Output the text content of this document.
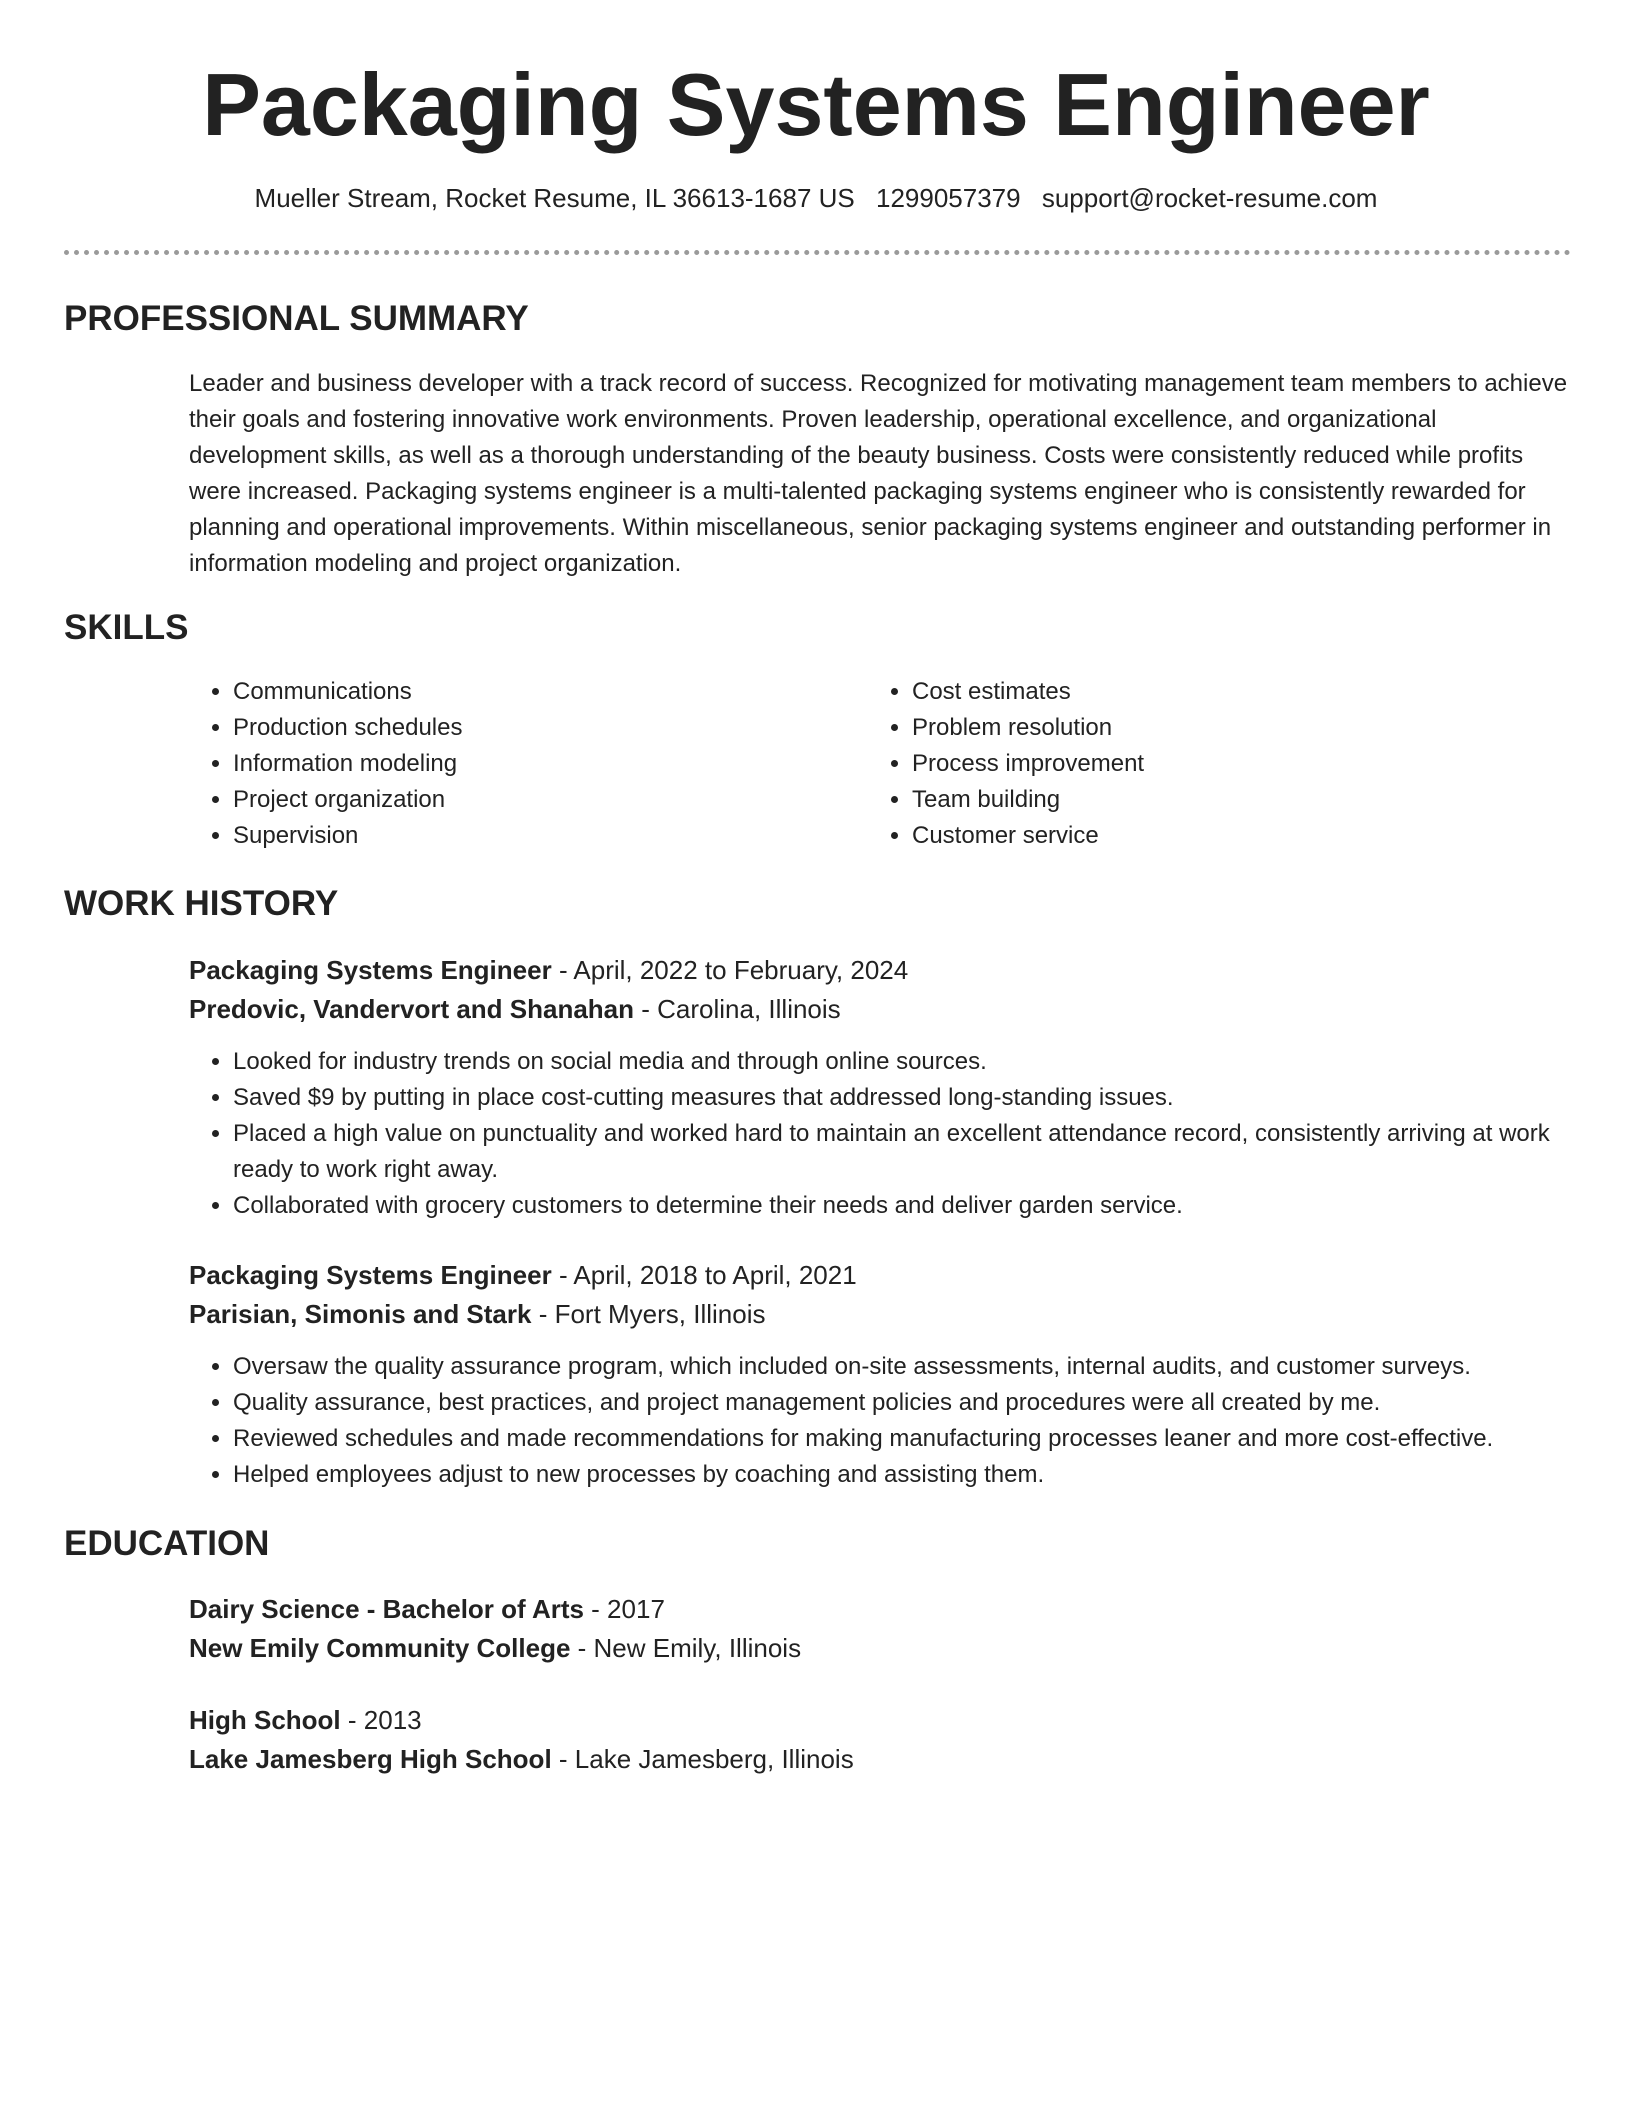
Packaging Systems Engineer
Mueller Stream, Rocket Resume, IL 36613-1687 US 1299057379 support@rocket-resume.com
PROFESSIONAL SUMMARY

Leader and business developer with a track record of success. Recognized for motivating management team members to achieve their goals and fostering innovative work environments. Proven leadership, operational excellence, and organizational development skills, as well as a thorough understanding of the beauty business. Costs were consistently reduced while profits were increased. Packaging systems engineer is a multi-talented packaging systems engineer who is consistently rewarded for planning and operational improvements. Within miscellaneous, senior packaging systems engineer and outstanding performer in information modeling and project organization.

SKILLS
• Communications
• Production schedules
• Information modeling
• Project organization
• Supervision
• Cost estimates
• Problem resolution
• Process improvement
• Team building
• Customer service
WORK HISTORY
Packaging Systems Engineer - April, 2022 to February, 2024
Predovic, Vandervort and Shanahan - Carolina, Illinois
• Looked for industry trends on social media and through online sources.
• Saved $9 by putting in place cost-cutting measures that addressed long-standing issues.
• Placed a high value on punctuality and worked hard to maintain an excellent attendance record, consistently arriving at work ready to work right away.
• Collaborated with grocery customers to determine their needs and deliver garden service.
Packaging Systems Engineer - April, 2018 to April, 2021
Parisian, Simonis and Stark - Fort Myers, Illinois
• Oversaw the quality assurance program, which included on-site assessments, internal audits, and customer surveys.
• Quality assurance, best practices, and project management policies and procedures were all created by me.
• Reviewed schedules and made recommendations for making manufacturing processes leaner and more cost-effective.
• Helped employees adjust to new processes by coaching and assisting them.
EDUCATION
Dairy Science - Bachelor of Arts - 2017
New Emily Community College - New Emily, Illinois
High School - 2013
Lake Jamesberg High School - Lake Jamesberg, Illinois
